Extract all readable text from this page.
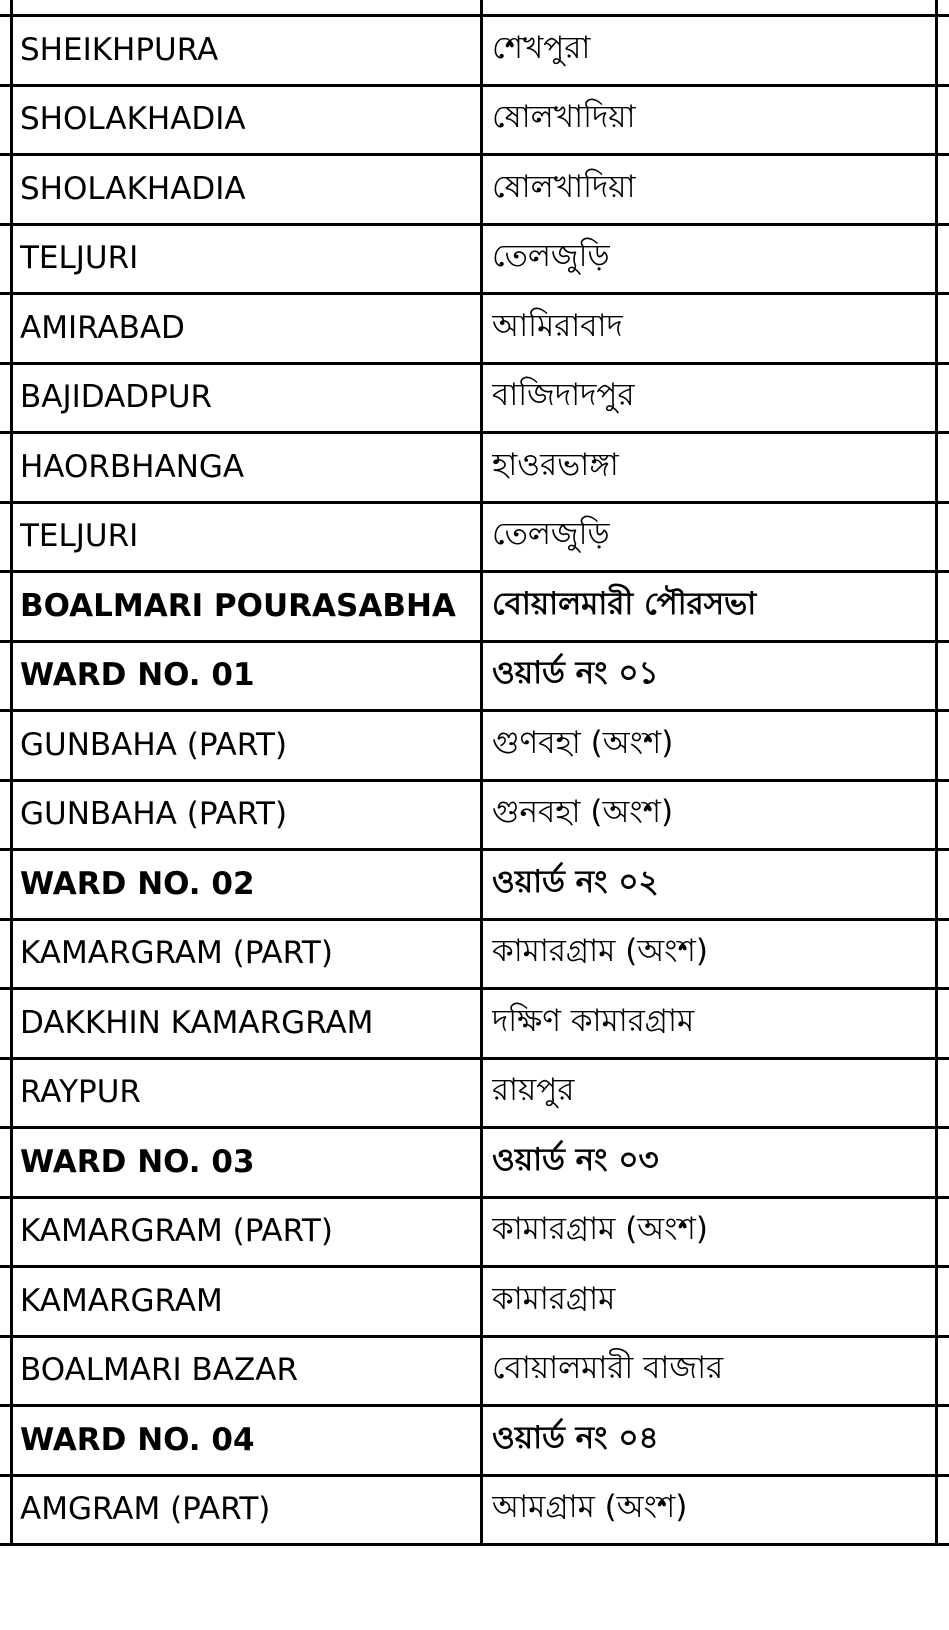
SHEIKHPURA	শেখপুরা
SHOLAKHADIA	ষোলখাদিয়া
SHOLAKHADIA	ষোলখাদিয়া
TELJURI	তেলজুড়ি
AMIRABAD	আমিরাবাদ
BAJIDADPUR	বাজিদাদপুর
HAORBHANGA	হাওরভাঙ্গা
TELJURI	তেলজুড়ি
BOALMARI POURASABHA	বোয়ালমারী পৌরসভা
WARD NO. 01	ওয়ার্ড নং ০১
GUNBAHA (PART)	গুণবহা (অংশ)
GUNBAHA (PART)	গুনবহা (অংশ)
WARD NO. 02	ওয়ার্ড নং ০২
KAMARGRAM (PART)	কামারগ্রাম (অংশ)
DAKKHIN KAMARGRAM	দক্ষিণ কামারগ্রাম
RAYPUR	রায়পুর
WARD NO. 03	ওয়ার্ড নং ০৩
KAMARGRAM (PART)	কামারগ্রাম (অংশ)
KAMARGRAM	কামারগ্রাম
BOALMARI BAZAR	বোয়ালমারী বাজার
WARD NO. 04	ওয়ার্ড নং ০৪
AMGRAM (PART)	আমগ্রাম (অংশ)
